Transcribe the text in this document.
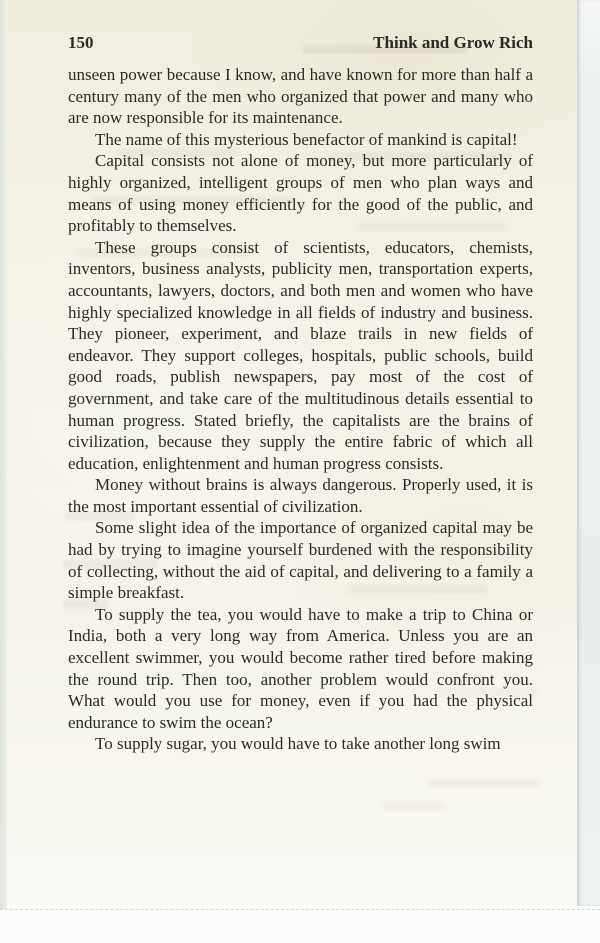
150	Think and Grow Rich

unseen power because I know, and have known for more than half a century many of the men who organized that power and many who are now responsible for its maintenance.

The name of this mysterious benefactor of mankind is capital!

Capital consists not alone of money, but more particularly of highly organized, intelligent groups of men who plan ways and means of using money efficiently for the good of the public, and profitably to themselves.

These groups consist of scientists, educators, chemists, inventors, business analysts, publicity men, transportation experts, accountants, lawyers, doctors, and both men and women who have highly specialized knowledge in all fields of industry and business. They pioneer, experiment, and blaze trails in new fields of endeavor. They support colleges, hospitals, public schools, build good roads, publish newspapers, pay most of the cost of government, and take care of the multitudinous details essential to human progress. Stated briefly, the capitalists are the brains of civilization, because they supply the entire fabric of which all education, enlightenment and human progress consists.

Money without brains is always dangerous. Properly used, it is the most important essential of civilization.

Some slight idea of the importance of organized capital may be had by trying to imagine yourself burdened with the responsibility of collecting, without the aid of capital, and delivering to a family a simple breakfast.

To supply the tea, you would have to make a trip to China or India, both a very long way from America. Unless you are an excellent swimmer, you would become rather tired before making the round trip. Then too, another problem would confront you. What would you use for money, even if you had the physical endurance to swim the ocean?

To supply sugar, you would have to take another long swim
